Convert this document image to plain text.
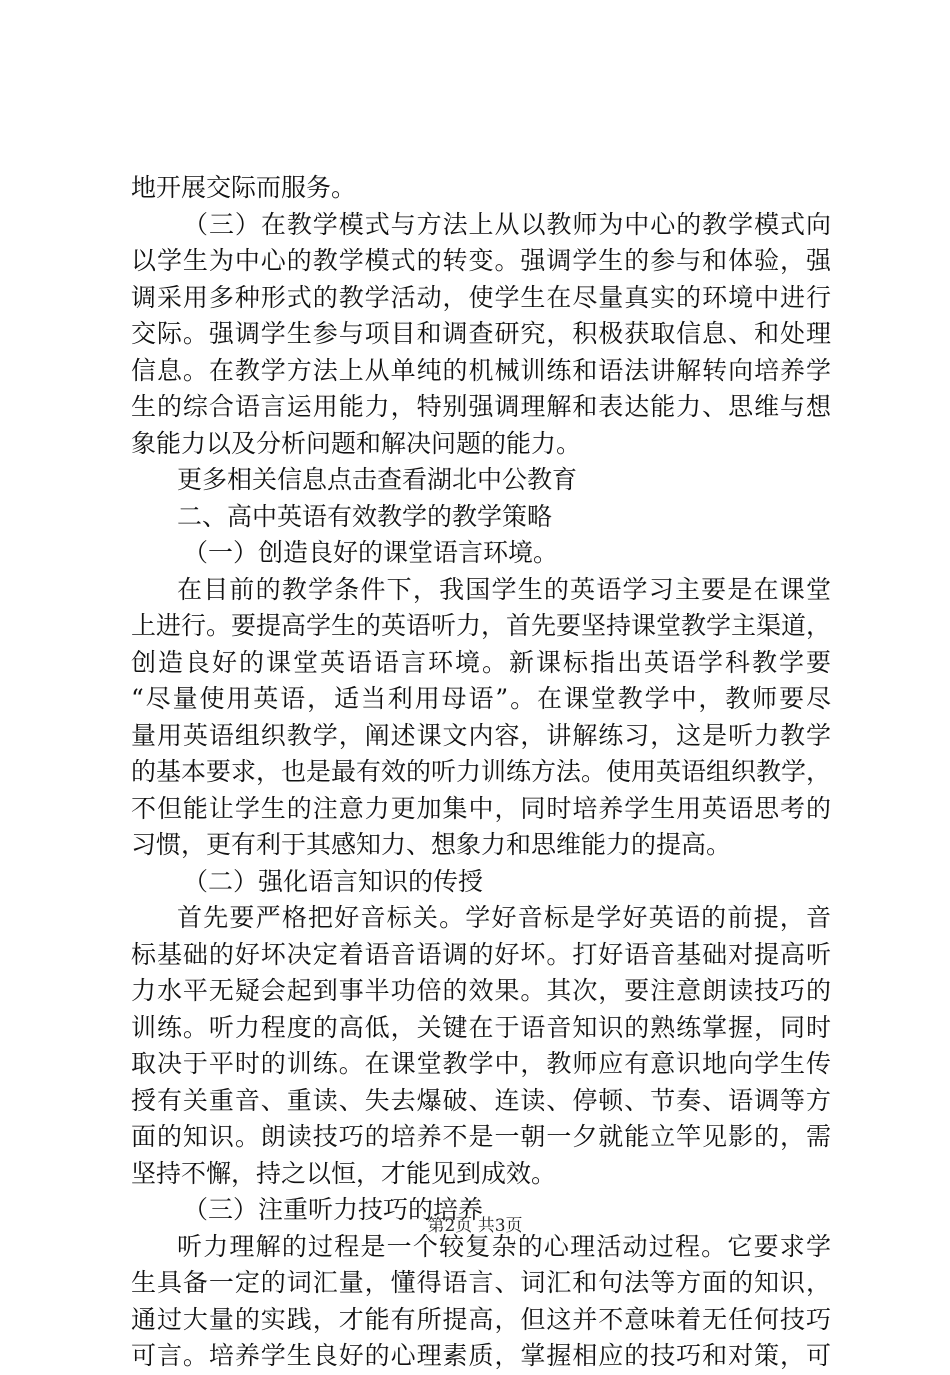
地开展交际而服务。
（三）在教学模式与方法上从以教师为中心的教学模式向
以学生为中心的教学模式的转变。强调学生的参与和体验，强
调采用多种形式的教学活动，使学生在尽量真实的环境中进行
交际。强调学生参与项目和调查研究，积极获取信息、和处理
信息。在教学方法上从单纯的机械训练和语法讲解转向培养学
生的综合语言运用能力，特别强调理解和表达能力、思维与想
象能力以及分析问题和解决问题的能力。
更多相关信息点击查看湖北中公教育
二、高中英语有效教学的教学策略
（一）创造良好的课堂语言环境。
在目前的教学条件下，我国学生的英语学习主要是在课堂
上进行。要提高学生的英语听力，首先要坚持课堂教学主渠道，
创造良好的课堂英语语言环境。新课标指出英语学科教学要
“尽量使用英语，适当利用母语”。在课堂教学中，教师要尽
量用英语组织教学，阐述课文内容，讲解练习，这是听力教学
的基本要求，也是最有效的听力训练方法。使用英语组织教学，
不但能让学生的注意力更加集中，同时培养学生用英语思考的
习惯，更有利于其感知力、想象力和思维能力的提高。
（二）强化语言知识的传授
首先要严格把好音标关。学好音标是学好英语的前提，音
标基础的好坏决定着语音语调的好坏。打好语音基础对提高听
力水平无疑会起到事半功倍的效果。其次，要注意朗读技巧的
训练。听力程度的高低，关键在于语音知识的熟练掌握，同时
取决于平时的训练。在课堂教学中，教师应有意识地向学生传
授有关重音、重读、失去爆破、连读、停顿、节奏、语调等方
面的知识。朗读技巧的培养不是一朝一夕就能立竿见影的，需
坚持不懈，持之以恒，才能见到成效。
（三）注重听力技巧的培养
听力理解的过程是一个较复杂的心理活动过程。它要求学
生具备一定的词汇量，懂得语言、词汇和句法等方面的知识，
通过大量的实践，才能有所提高，但这并不意味着无任何技巧
可言。培养学生良好的心理素质，掌握相应的技巧和对策，可
第2页 共3页
